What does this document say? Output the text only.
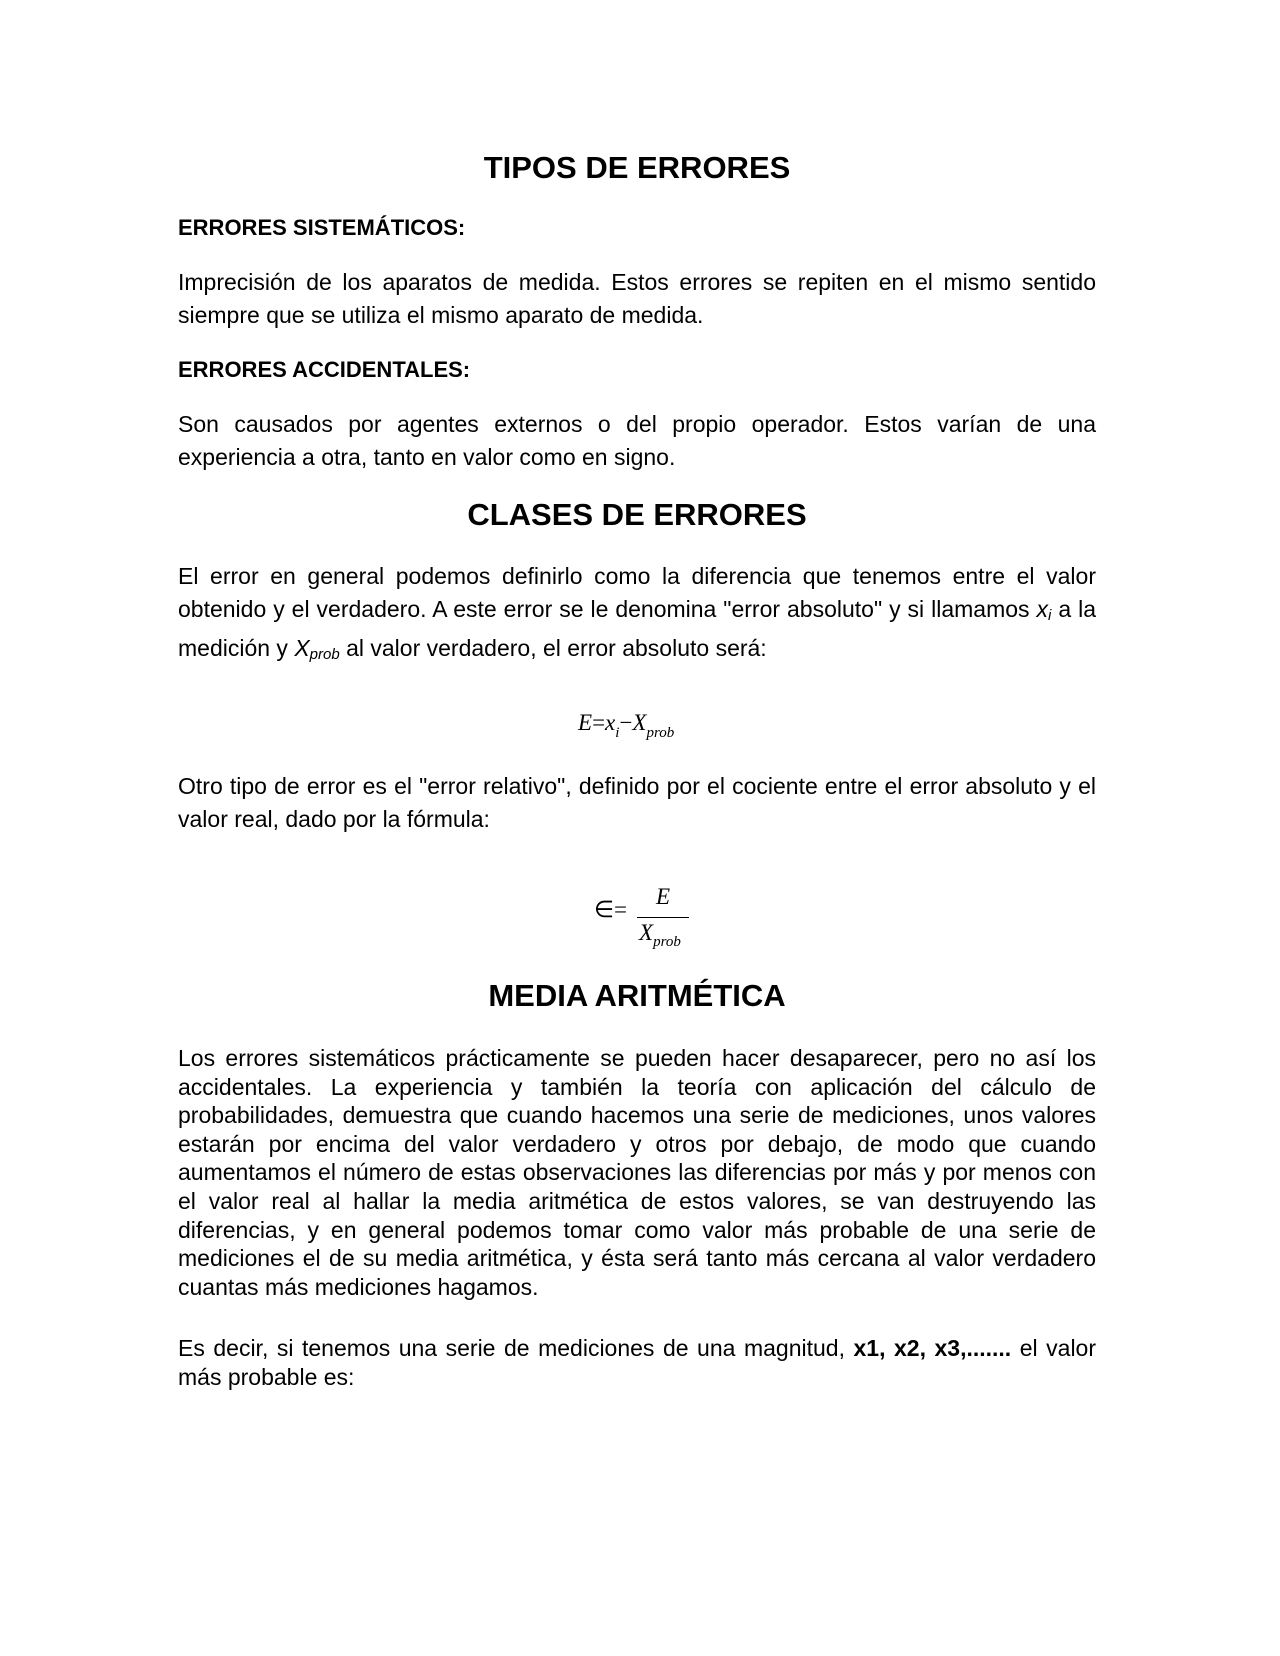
TIPOS DE ERRORES
ERRORES SISTEMÁTICOS:
Imprecisión de los aparatos de medida. Estos errores se repiten en el mismo sentido siempre que se utiliza el mismo aparato de medida.
ERRORES ACCIDENTALES:
Son causados por agentes externos o del propio operador. Estos varían de una experiencia a otra, tanto en valor como en signo.
CLASES DE ERRORES
El error en general podemos definirlo como la diferencia que tenemos entre el valor obtenido y el verdadero. A este error se le denomina "error absoluto" y si llamamos $x_i$ a la medición y $X_{prob}$ al valor verdadero, el error absoluto será:
$E=x_i-X_{prob}$
Otro tipo de error es el "error relativo", definido por el cociente entre el error absoluto y el valor real, dado por la fórmula:
∈=
E
$X_{prob}$
MEDIA ARITMÉTICA
Los errores sistemáticos prácticamente se pueden hacer desaparecer, pero no así los accidentales. La experiencia y también la teoría con aplicación del cálculo de probabilidades, demuestra que cuando hacemos una serie de mediciones, unos valores estarán por encima del valor verdadero y otros por debajo, de modo que cuando aumentamos el número de estas observaciones las diferencias por más y por menos con el valor real al hallar la media aritmética de estos valores, se van destruyendo las diferencias, y en general podemos tomar como valor más probable de una serie de mediciones el de su media aritmética, y ésta será tanto más cercana al valor verdadero cuantas más mediciones hagamos.
Es decir, si tenemos una serie de mediciones de una magnitud, x1, x2, x3,....... el valor más probable es:
